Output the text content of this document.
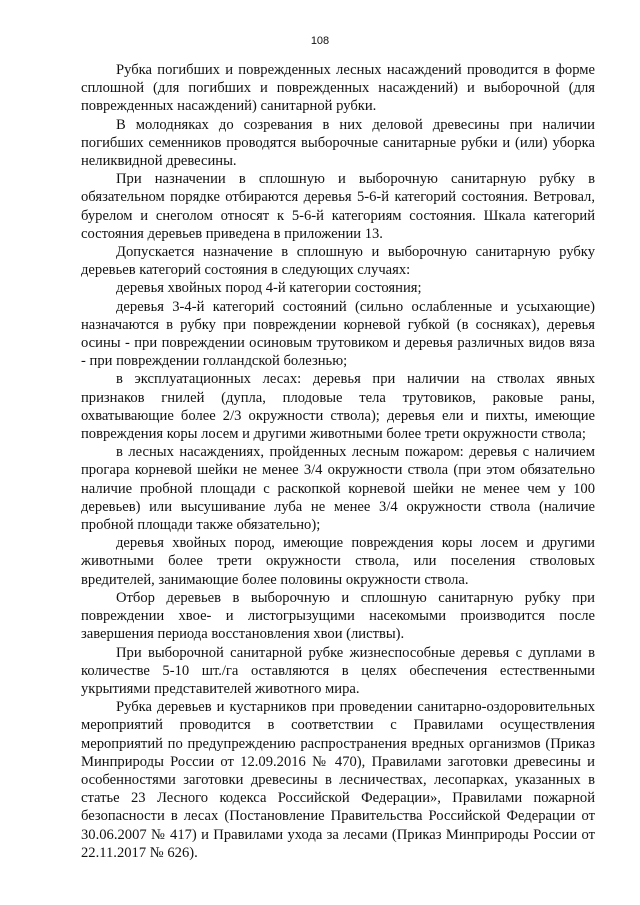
108

Рубка погибших и поврежденных лесных насаждений проводится в форме сплошной (для погибших и поврежденных насаждений) и выборочной (для поврежденных насаждений) санитарной рубки.

В молодняках до созревания в них деловой древесины при наличии погибших семенников проводятся выборочные санитарные рубки и (или) уборка неликвидной древесины.

При назначении в сплошную и выборочную санитарную рубку в обязательном порядке отбираются деревья 5-6-й категорий состояния. Ветровал, бурелом и снеголом относят к 5-6-й категориям состояния. Шкала категорий состояния деревьев приведена в приложении 13.

Допускается назначение в сплошную и выборочную санитарную рубку деревьев категорий состояния в следующих случаях:

деревья хвойных пород 4-й категории состояния;

деревья 3-4-й категорий состояний (сильно ослабленные и усыхающие) назначаются в рубку при повреждении корневой губкой (в сосняках), деревья осины - при повреждении осиновым трутовиком и деревья различных видов вяза - при повреждении голландской болезнью;

в эксплуатационных лесах: деревья при наличии на стволах явных признаков гнилей (дупла, плодовые тела трутовиков, раковые раны, охватывающие более 2/3 окружности ствола); деревья ели и пихты, имеющие повреждения коры лосем и другими животными более трети окружности ствола;

в лесных насаждениях, пройденных лесным пожаром: деревья с наличием прогара корневой шейки не менее 3/4 окружности ствола (при этом обязательно наличие пробной площади с раскопкой корневой шейки не менее чем у 100 деревьев) или высушивание луба не менее 3/4 окружности ствола (наличие пробной площади также обязательно);

деревья хвойных пород, имеющие повреждения коры лосем и другими животными более трети окружности ствола, или поселения стволовых вредителей, занимающие более половины окружности ствола.

Отбор деревьев в выборочную и сплошную санитарную рубку при повреждении хвое- и листогрызущими насекомыми производится после завершения периода восстановления хвои (листвы).

При выборочной санитарной рубке жизнеспособные деревья с дуплами в количестве 5-10 шт./га оставляются в целях обеспечения естественными укрытиями представителей животного мира.

Рубка деревьев и кустарников при проведении санитарно-оздоровительных мероприятий проводится в соответствии с Правилами осуществления мероприятий по предупреждению распространения вредных организмов (Приказ Минприроды России от 12.09.2016 № 470), Правилами заготовки древесины и особенностями заготовки древесины в лесничествах, лесопарках, указанных в статье 23 Лесного кодекса Российской Федерации», Правилами пожарной безопасности в лесах (Постановление Правительства Российской Федерации от 30.06.2007 № 417) и Правилами ухода за лесами (Приказ Минприроды России от 22.11.2017 № 626).
